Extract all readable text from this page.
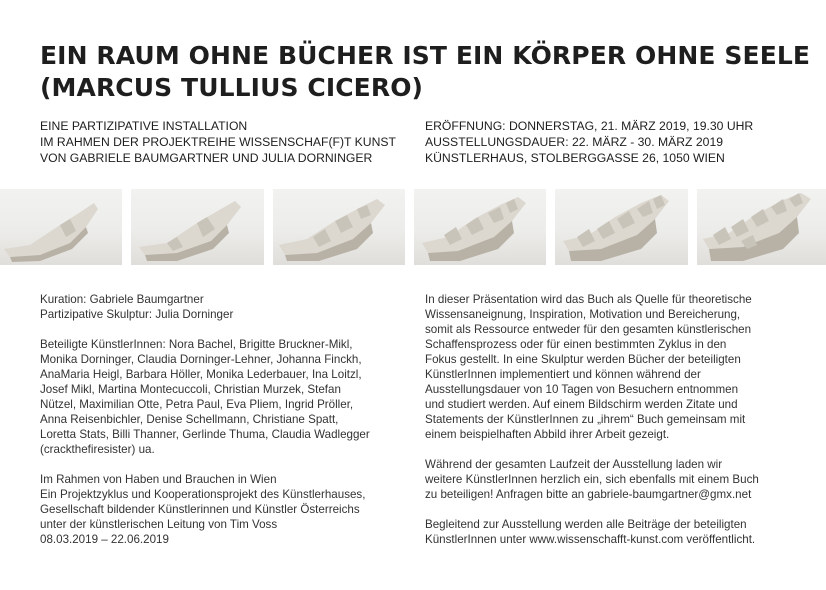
EIN RAUM OHNE BÜCHER IST EIN KÖRPER OHNE SEELE
(MARCUS TULLIUS CICERO)
EINE PARTIZIPATIVE INSTALLATION
IM RAHMEN DER PROJEKTREIHE WISSENSCHAF(F)T KUNST
VON GABRIELE BAUMGARTNER UND JULIA DORNINGER
ERÖFFNUNG: DONNERSTAG, 21. MÄRZ 2019, 19.30 UHR
AUSSTELLUNGSDAUER: 22. MÄRZ - 30. MÄRZ 2019
KÜNSTLERHAUS, STOLBERGGASSE 26, 1050 WIEN
Kuration: Gabriele Baumgartner
Partizipative Skulptur: Julia Dorninger
Beteiligte KünstlerInnen: Nora Bachel, Brigitte Bruckner-Mikl,
Monika Dorninger, Claudia Dorninger-Lehner, Johanna Finckh,
AnaMaria Heigl, Barbara Höller, Monika Lederbauer, Ina Loitzl,
Josef Mikl, Martina Montecuccoli, Christian Murzek, Stefan
Nützel, Maximilian Otte, Petra Paul, Eva Pliem, Ingrid Pröller,
Anna Reisenbichler, Denise Schellmann, Christiane Spatt,
Loretta Stats, Billi Thanner, Gerlinde Thuma, Claudia Wadlegger
(crackthefiresister) ua.
Im Rahmen von Haben und Brauchen in Wien
Ein Projektzyklus und Kooperationsprojekt des Künstlerhauses,
Gesellschaft bildender Künstlerinnen und Künstler Österreichs
unter der künstlerischen Leitung von Tim Voss
08.03.2019 – 22.06.2019
In dieser Präsentation wird das Buch als Quelle für theoretische
Wissensaneignung, Inspiration, Motivation und Bereicherung,
somit als Ressource entweder für den gesamten künstlerischen
Schaffensprozess oder für einen bestimmten Zyklus in den
Fokus gestellt. In eine Skulptur werden Bücher der beteiligten
KünstlerInnen implementiert und können während der
Ausstellungsdauer von 10 Tagen von Besuchern entnommen
und studiert werden. Auf einem Bildschirm werden Zitate und
Statements der KünstlerInnen zu „ihrem“ Buch gemeinsam mit
einem beispielhaften Abbild ihrer Arbeit gezeigt.
Während der gesamten Laufzeit der Ausstellung laden wir
weitere KünstlerInnen herzlich ein, sich ebenfalls mit einem Buch
zu beteiligen! Anfragen bitte an gabriele-baumgartner@gmx.net
Begleitend zur Ausstellung werden alle Beiträge der beteiligten
KünstlerInnen unter www.wissenschafft-kunst.com veröffentlicht.
